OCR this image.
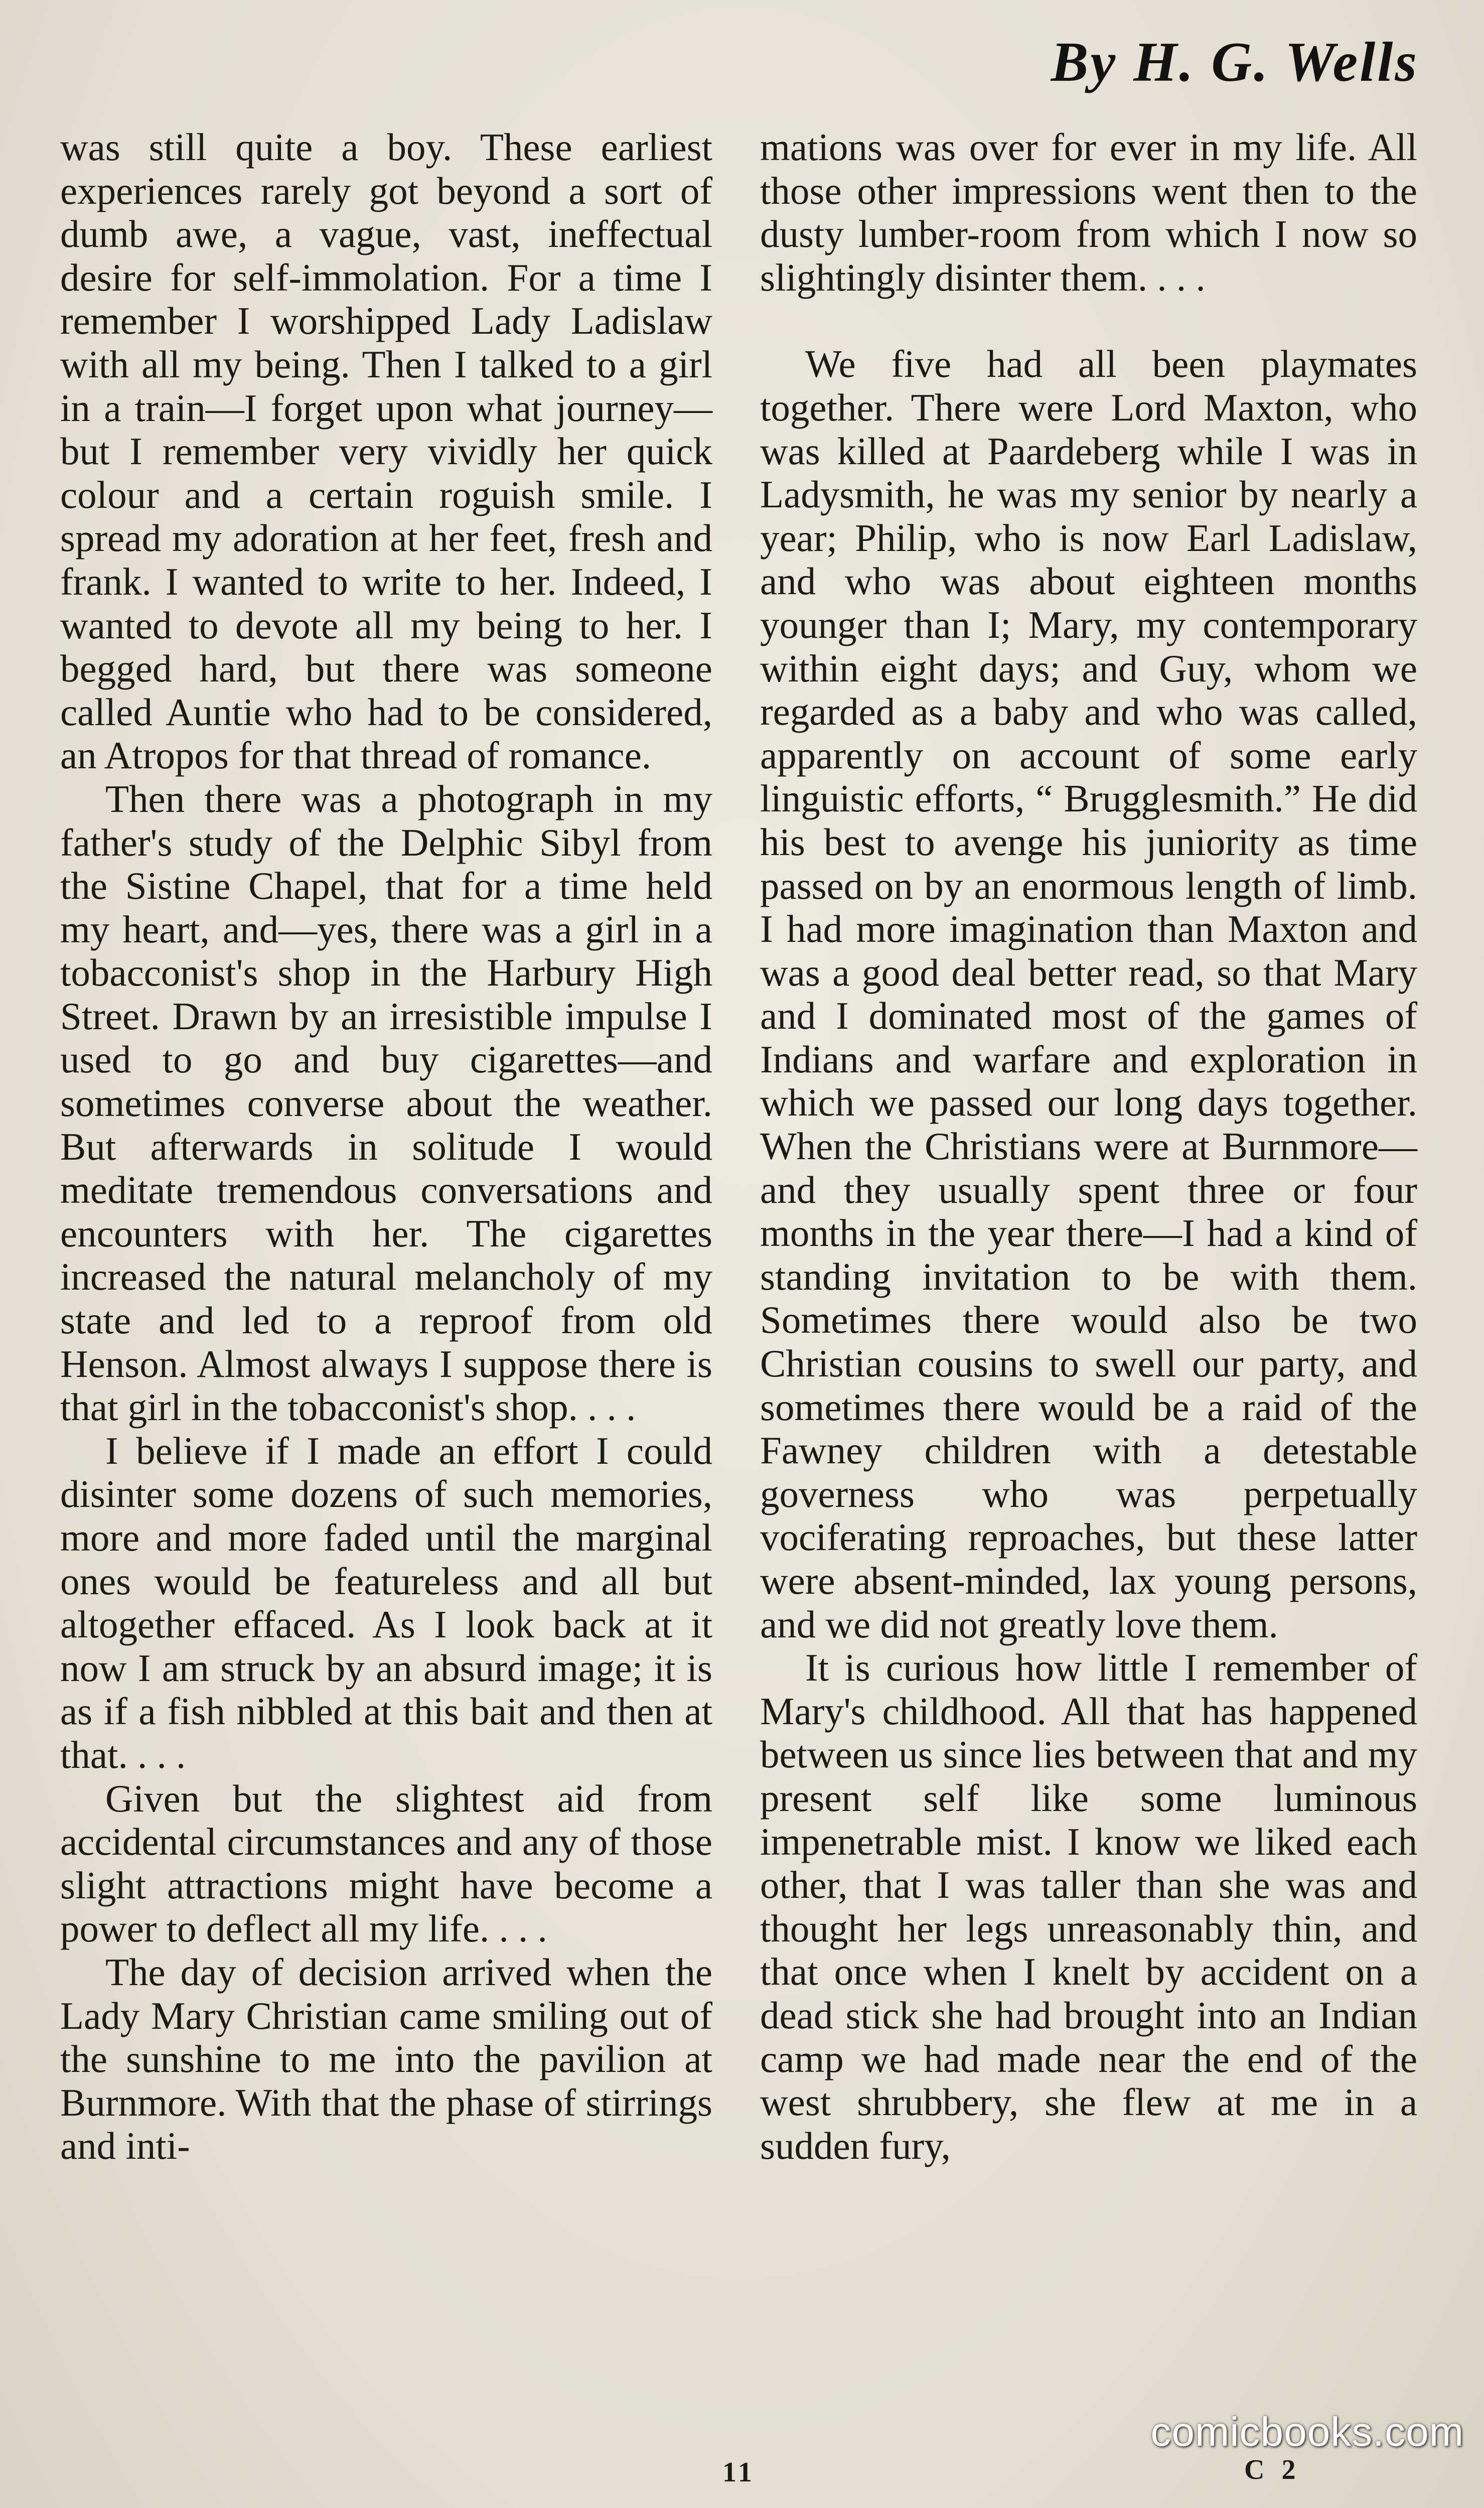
By H. G. Wells

was still quite a boy. These earliest experiences rarely got beyond a sort of dumb awe, a vague, vast, ineffectual desire for self-immolation. For a time I remember I worshipped Lady Ladislaw with all my being. Then I talked to a girl in a train—I forget upon what journey—but I remember very vividly her quick colour and a certain roguish smile. I spread my adoration at her feet, fresh and frank. I wanted to write to her. Indeed, I wanted to devote all my being to her. I begged hard, but there was someone called Auntie who had to be considered, an Atropos for that thread of romance.

Then there was a photograph in my father's study of the Delphic Sibyl from the Sistine Chapel, that for a time held my heart, and—yes, there was a girl in a tobacconist's shop in the Harbury High Street. Drawn by an irresistible impulse I used to go and buy cigarettes—and sometimes converse about the weather. But afterwards in solitude I would meditate tremendous conversations and encounters with her. The cigarettes increased the natural melancholy of my state and led to a reproof from old Henson. Almost always I suppose there is that girl in the tobacconist's shop. . . .

I believe if I made an effort I could disinter some dozens of such memories, more and more faded until the marginal ones would be featureless and all but altogether effaced. As I look back at it now I am struck by an absurd image; it is as if a fish nibbled at this bait and then at that. . . .

Given but the slightest aid from accidental circumstances and any of those slight attractions might have become a power to deflect all my life. . . .

The day of decision arrived when the Lady Mary Christian came smiling out of the sunshine to me into the pavilion at Burnmore. With that the phase of stirrings and inti-

mations was over for ever in my life. All those other impressions went then to the dusty lumber-room from which I now so slightingly disinter them. . . .

We five had all been playmates together. There were Lord Maxton, who was killed at Paardeberg while I was in Ladysmith, he was my senior by nearly a year; Philip, who is now Earl Ladislaw, and who was about eighteen months younger than I; Mary, my contemporary within eight days; and Guy, whom we regarded as a baby and who was called, apparently on account of some early linguistic efforts, “ Brugglesmith.” He did his best to avenge his juniority as time passed on by an enormous length of limb. I had more imagination than Maxton and was a good deal better read, so that Mary and I dominated most of the games of Indians and warfare and exploration in which we passed our long days together. When the Christians were at Burnmore—and they usually spent three or four months in the year there—I had a kind of standing invitation to be with them. Sometimes there would also be two Christian cousins to swell our party, and sometimes there would be a raid of the Fawney children with a detestable governess who was perpetually vociferating reproaches, but these latter were absent-minded, lax young persons, and we did not greatly love them.

It is curious how little I remember of Mary's childhood. All that has happened between us since lies between that and my present self like some luminous impenetrable mist. I know we liked each other, that I was taller than she was and thought her legs unreasonably thin, and that once when I knelt by accident on a dead stick she had brought into an Indian camp we had made near the end of the west shrubbery, she flew at me in a sudden fury,

11	C 2
comicbooks.com
